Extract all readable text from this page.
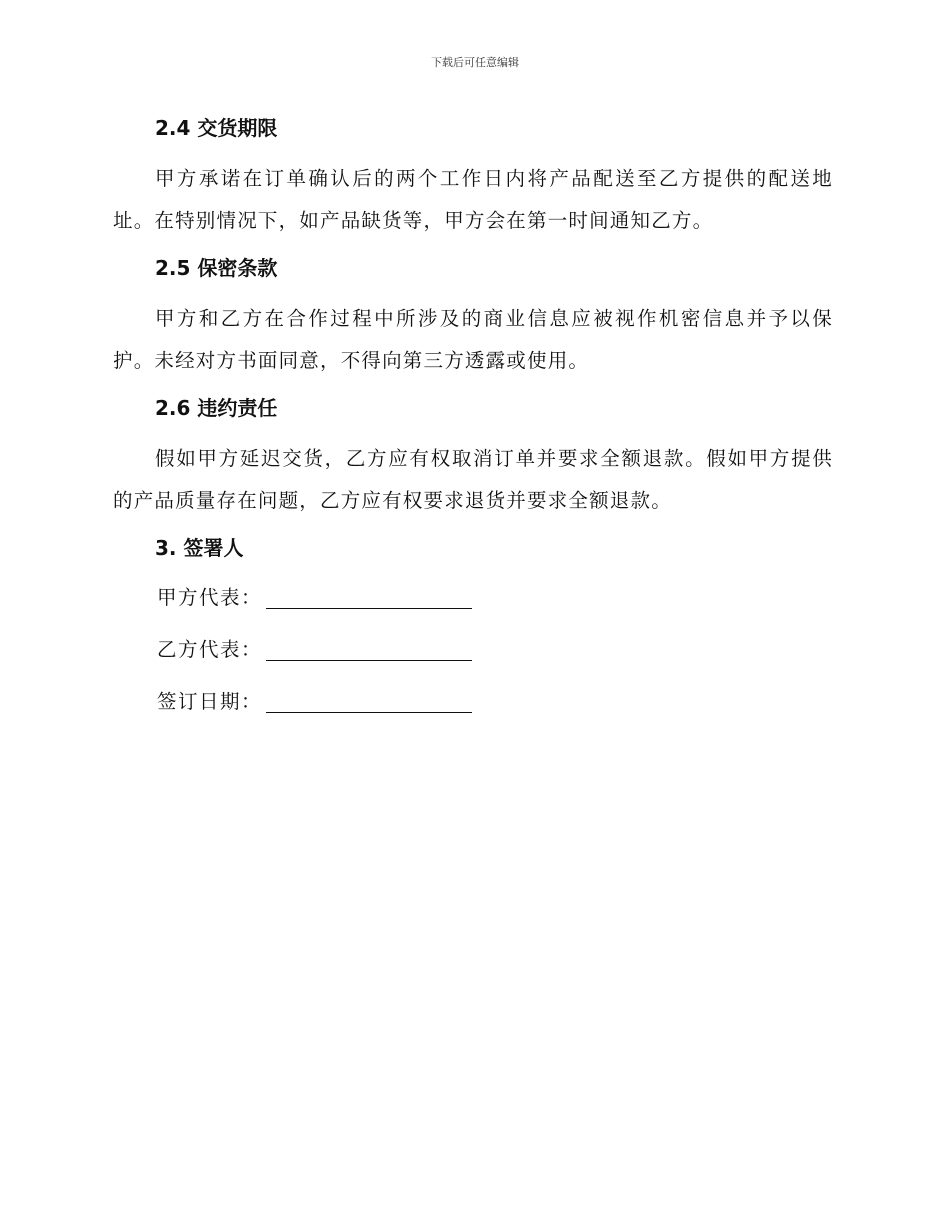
下载后可任意编辑
2.4 交货期限

甲方承诺在订单确认后的两个工作日内将产品配送至乙方提供的配送地址。在特别情况下，如产品缺货等，甲方会在第一时间通知乙方。

2.5 保密条款

甲方和乙方在合作过程中所涉及的商业信息应被视作机密信息并予以保护。未经对方书面同意，不得向第三方透露或使用。

2.6 违约责任

假如甲方延迟交货，乙方应有权取消订单并要求全额退款。假如甲方提供的产品质量存在问题，乙方应有权要求退货并要求全额退款。

3. 签署人
甲方代表：
乙方代表：
签订日期：
